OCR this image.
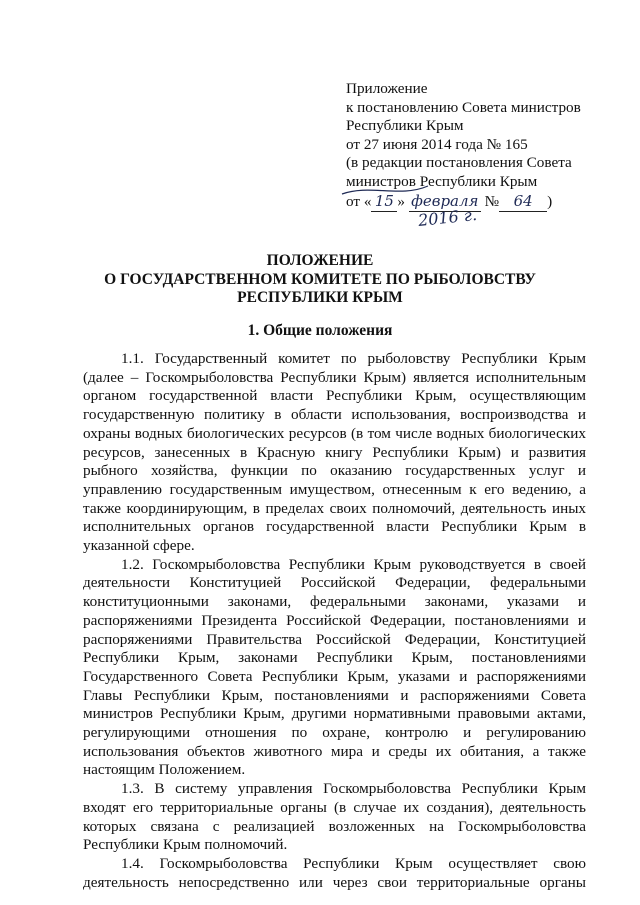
Приложение
к постановлению Совета министров
Республики Крым
от 27 июня 2014 года № 165
(в редакции постановления Совета
министров Республики Крым
от « 15 » февраля № 64 )
2016 г.
ПОЛОЖЕНИЕ
О ГОСУДАРСТВЕННОМ КОМИТЕТЕ ПО РЫБОЛОВСТВУ
РЕСПУБЛИКИ КРЫМ
1. Общие положения

1.1. Государственный комитет по рыболовству Республики Крым (далее – Госкомрыболовства Республики Крым) является исполнительным органом государственной власти Республики Крым, осуществляющим государственную политику в области использования, воспроизводства и охраны водных биологических ресурсов (в том числе водных биологических ресурсов, занесенных в Красную книгу Республики Крым) и развития рыбного хозяйства, функции по оказанию государственных услуг и управлению государственным имуществом, отнесенным к его ведению, а также координирующим, в пределах своих полномочий, деятельность иных исполнительных органов государственной власти Республики Крым в указанной сфере.

1.2. Госкомрыболовства Республики Крым руководствуется в своей деятельности Конституцией Российской Федерации, федеральными конституционными законами, федеральными законами, указами и распоряжениями Президента Российской Федерации, постановлениями и распоряжениями Правительства Российской Федерации, Конституцией Республики Крым, законами Республики Крым, постановлениями Государственного Совета Республики Крым, указами и распоряжениями Главы Республики Крым, постановлениями и распоряжениями Совета министров Республики Крым, другими нормативными правовыми актами, регулирующими отношения по охране, контролю и регулированию использования объектов животного мира и среды их обитания, а также настоящим Положением.

1.3. В систему управления Госкомрыболовства Республики Крым входят его территориальные органы (в случае их создания), деятельность которых связана с реализацией возложенных на Госкомрыболовства Республики Крым полномочий.

1.4. Госкомрыболовства Республики Крым осуществляет свою деятельность непосредственно или через свои территориальные органы
